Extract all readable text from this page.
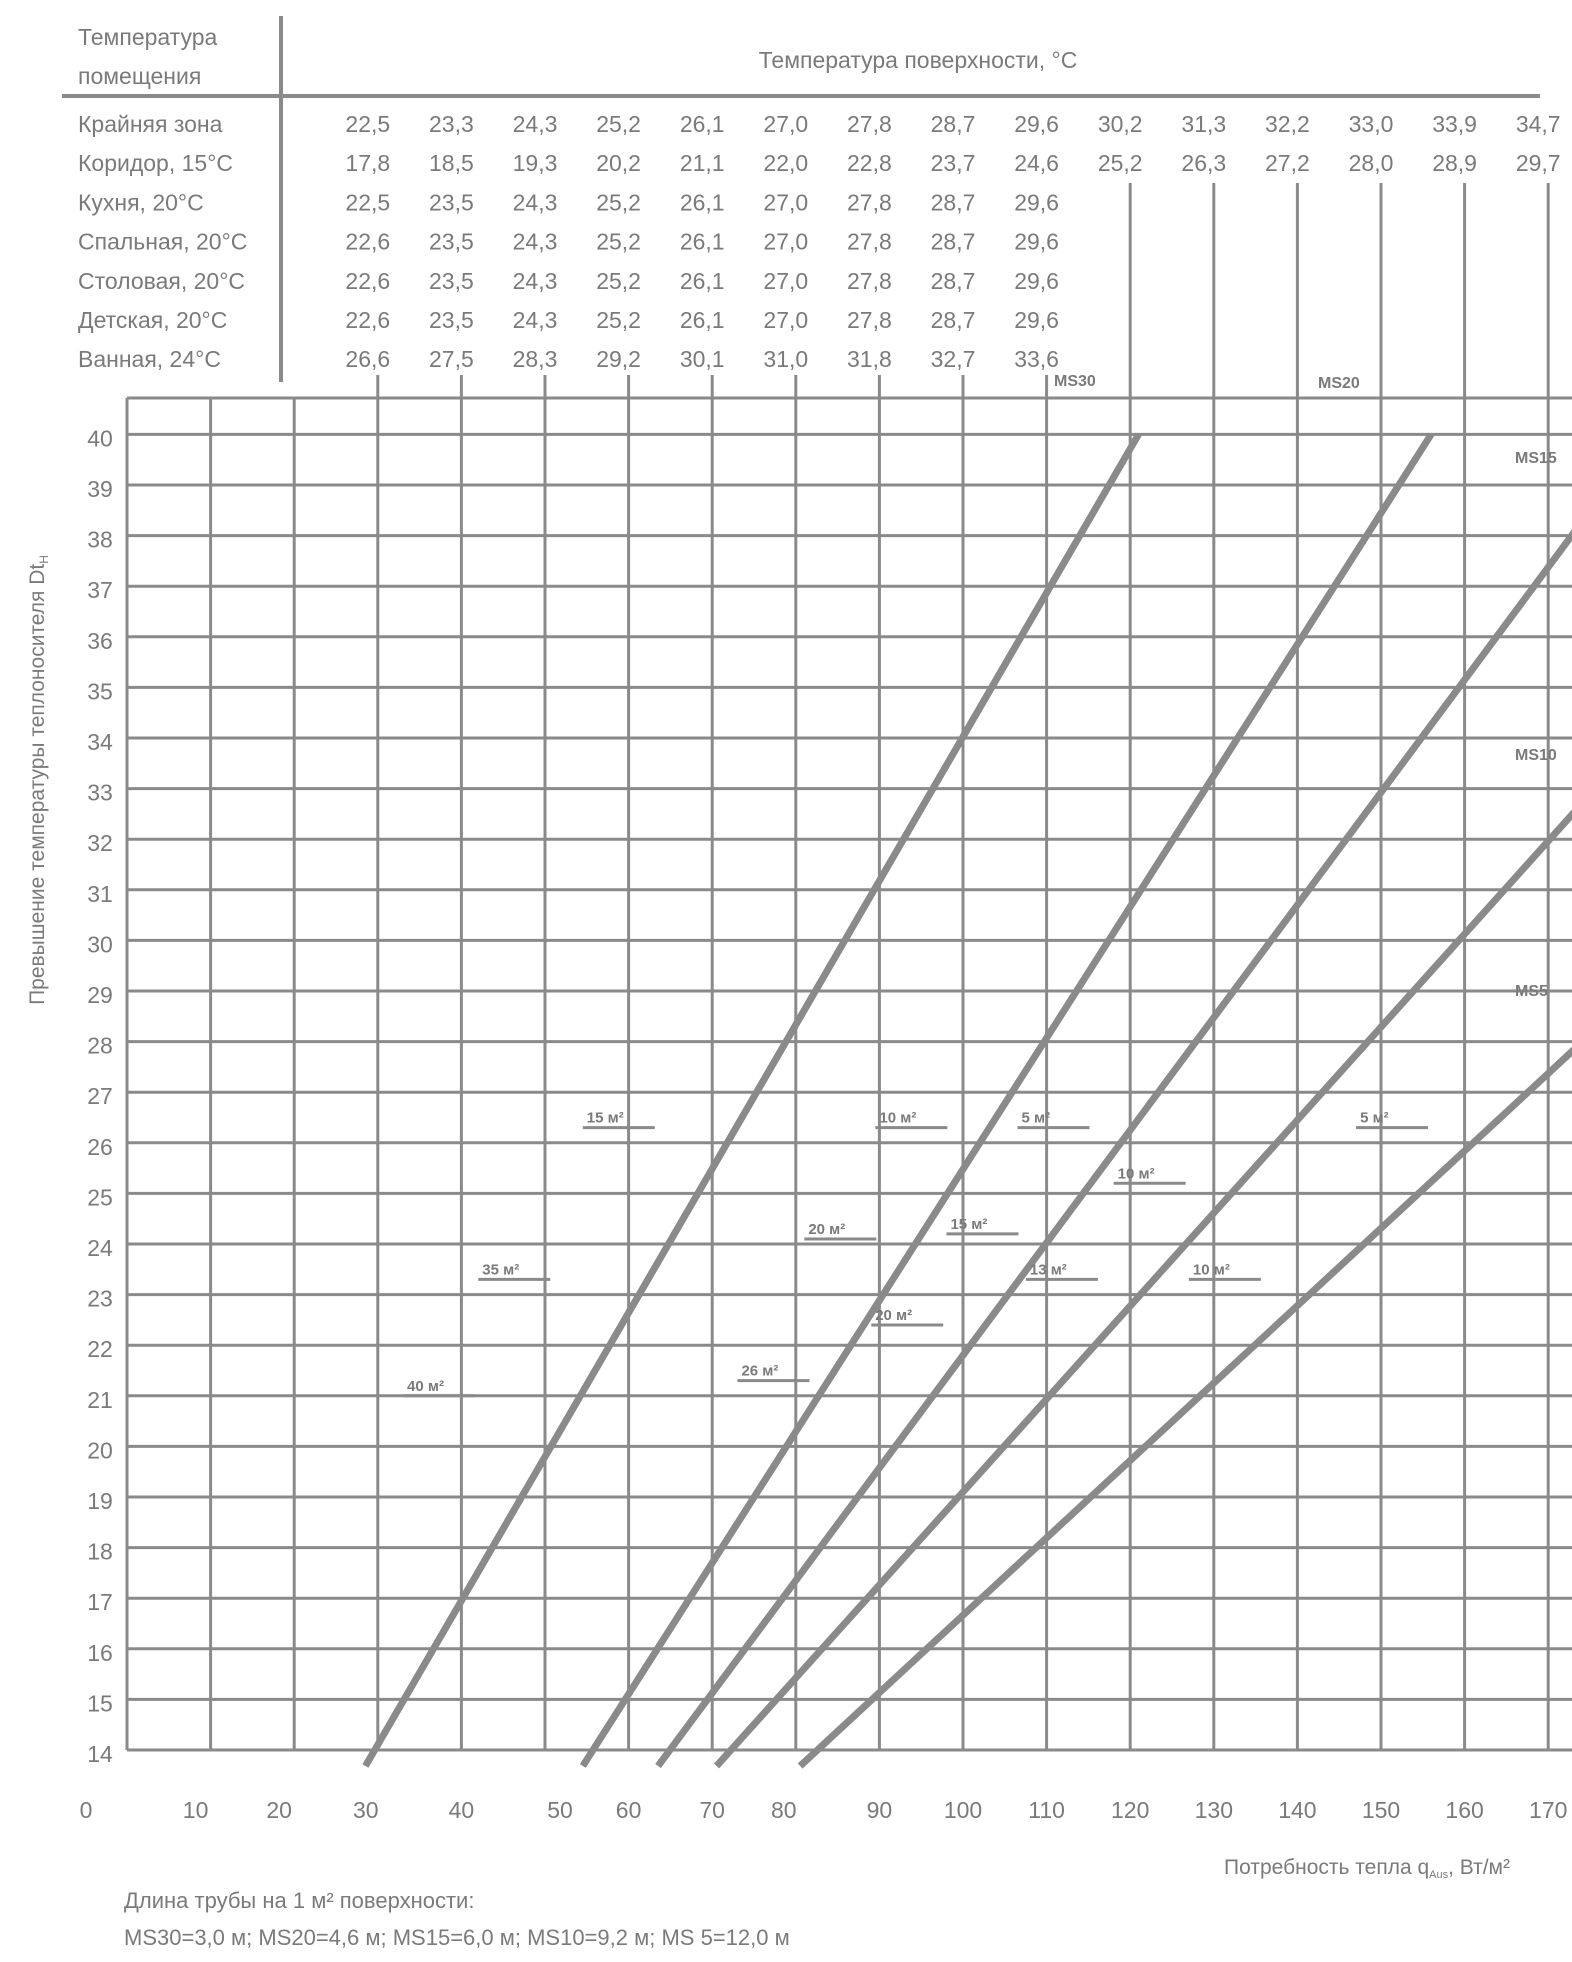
Температура
помещения
Температура поверхности, °C
Крайняя зона	22,5 23,3 24,3 25,2 26,1 27,0 27,8 28,7 29,6 30,2 31,3 32,2 33,0 33,9 34,7
Коридор, 15°C	17,8 18,5 19,3 20,2 21,1 22,0 22,8 23,7 24,6 25,2 26,3 27,2 28,0 28,9 29,7
Кухня, 20°C	22,5 23,5 24,3 25,2 26,1 27,0 27,8 28,7 29,6
Спальная, 20°C	22,6 23,5 24,3 25,2 26,1 27,0 27,8 28,7 29,6
Столовая, 20°C	22,6 23,5 24,3 25,2 26,1 27,0 27,8 28,7 29,6
Детская, 20°C	22,6 23,5 24,3 25,2 26,1 27,0 27,8 28,7 29,6
Ванная, 24°C	26,6 27,5 28,3 29,2 30,1 31,0 31,8 32,7 33,6
14
15
16
17
18
19
20
21
22
23
24
25
26
27
28
29
30
31
32
33
34
35
36
37
38
39
40
0	10	20	30	40	50 60	70 80	90 100 110 120 130 140 150 160 170
Потребность тепла qAus, Вт/м²
Превышение температуры теплоносителя DtH
MS30	MS20
MS15
MS10
MS5
40 м²
35 м²
15 м²
26 м²
20 м²
10 м²
20 м²
15 м²
5 м²
13 м²
10 м²
10 м²
5 м²
Длина трубы на 1 м² поверхности:
MS30=3,0 м; MS20=4,6 м; MS15=6,0 м; MS10=9,2 м; MS 5=12,0 м
